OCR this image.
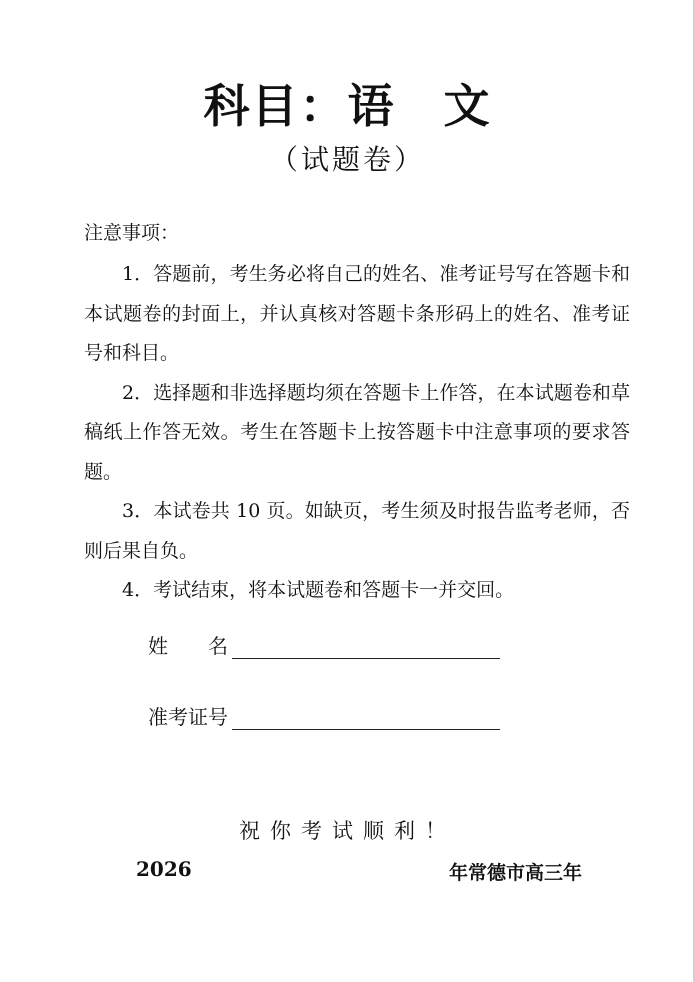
科目：语　文
（试题卷）
注意事项：

1．答题前，考生务必将自己的姓名、准考证号写在答题卡和本试题卷的封面上，并认真核对答题卡条形码上的姓名、准考证号和科目。

2．选择题和非选择题均须在答题卡上作答，在本试题卷和草稿纸上作答无效。考生在答题卡上按答题卡中注意事项的要求答题。

3．本试卷共 10 页。如缺页，考生须及时报告监考老师，否则后果自负。

4．考试结束，将本试题卷和答题卡一并交回。

姓　　名
准考证号
祝你考试顺利！
2026	年常德市高三年
